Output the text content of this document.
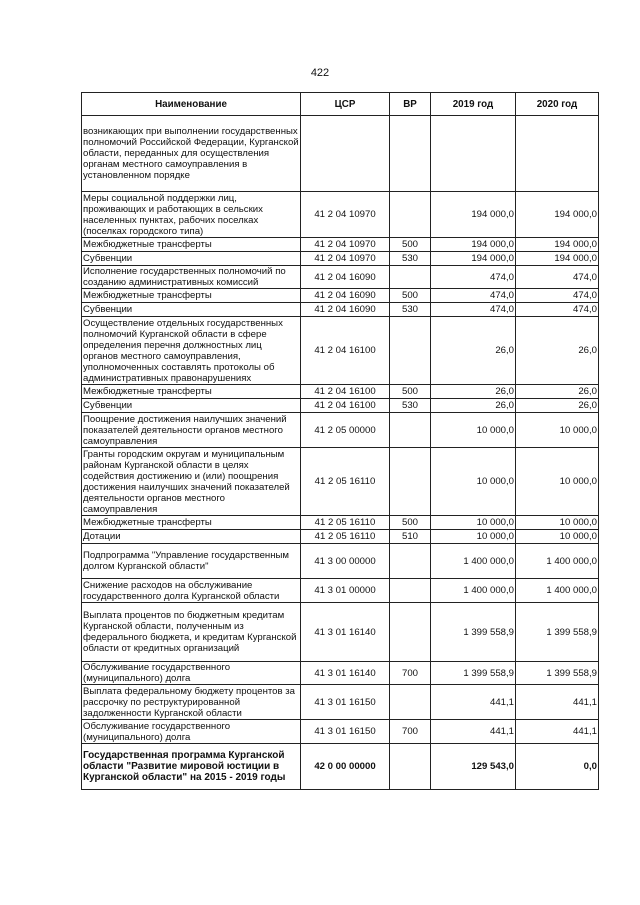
422
Наименование	ЦСР	ВР	2019 год	2020 год
возникающих при выполнении государственных полномочий Российской Федерации, Курганской области, переданных для осуществления органам местного самоуправления в установленном порядке				
Меры социальной поддержки лиц, проживающих и работающих в сельских населенных пунктах, рабочих поселках (поселках городского типа)	41 2 04 10970		194 000,0	194 000,0
Межбюджетные трансферты	41 2 04 10970	500	194 000,0	194 000,0
Субвенции	41 2 04 10970	530	194 000,0	194 000,0
Исполнение государственных полномочий по созданию административных комиссий	41 2 04 16090		474,0	474,0
Межбюджетные трансферты	41 2 04 16090	500	474,0	474,0
Субвенции	41 2 04 16090	530	474,0	474,0
Осуществление отдельных государственных полномочий Курганской области в сфере определения перечня должностных лиц органов местного самоуправления, уполномоченных составлять протоколы об административных правонарушениях	41 2 04 16100		26,0	26,0
Межбюджетные трансферты	41 2 04 16100	500	26,0	26,0
Субвенции	41 2 04 16100	530	26,0	26,0
Поощрение достижения наилучших значений показателей деятельности органов местного самоуправления	41 2 05 00000		10 000,0	10 000,0
Гранты городским округам и муниципальным районам Курганской области в целях содействия достижению и (или) поощрения достижения наилучших значений показателей деятельности органов местного самоуправления	41 2 05 16110		10 000,0	10 000,0
Межбюджетные трансферты	41 2 05 16110	500	10 000,0	10 000,0
Дотации	41 2 05 16110	510	10 000,0	10 000,0
Подпрограмма "Управление государственным долгом Курганской области"	41 3 00 00000		1 400 000,0	1 400 000,0
Снижение расходов на обслуживание государственного долга Курганской области	41 3 01 00000		1 400 000,0	1 400 000,0
Выплата процентов по бюджетным кредитам Курганской области, полученным из федерального бюджета, и кредитам Курганской области от кредитных организаций	41 3 01 16140		1 399 558,9	1 399 558,9
Обслуживание государственного (муниципального) долга	41 3 01 16140	700	1 399 558,9	1 399 558,9
Выплата федеральному бюджету процентов за рассрочку по реструктурированной задолженности Курганской области	41 3 01 16150		441,1	441,1
Обслуживание государственного (муниципального) долга	41 3 01 16150	700	441,1	441,1
Государственная программа Курганской области "Развитие мировой юстиции в Курганской области" на 2015 - 2019 годы	42 0 00 00000		129 543,0	0,0
